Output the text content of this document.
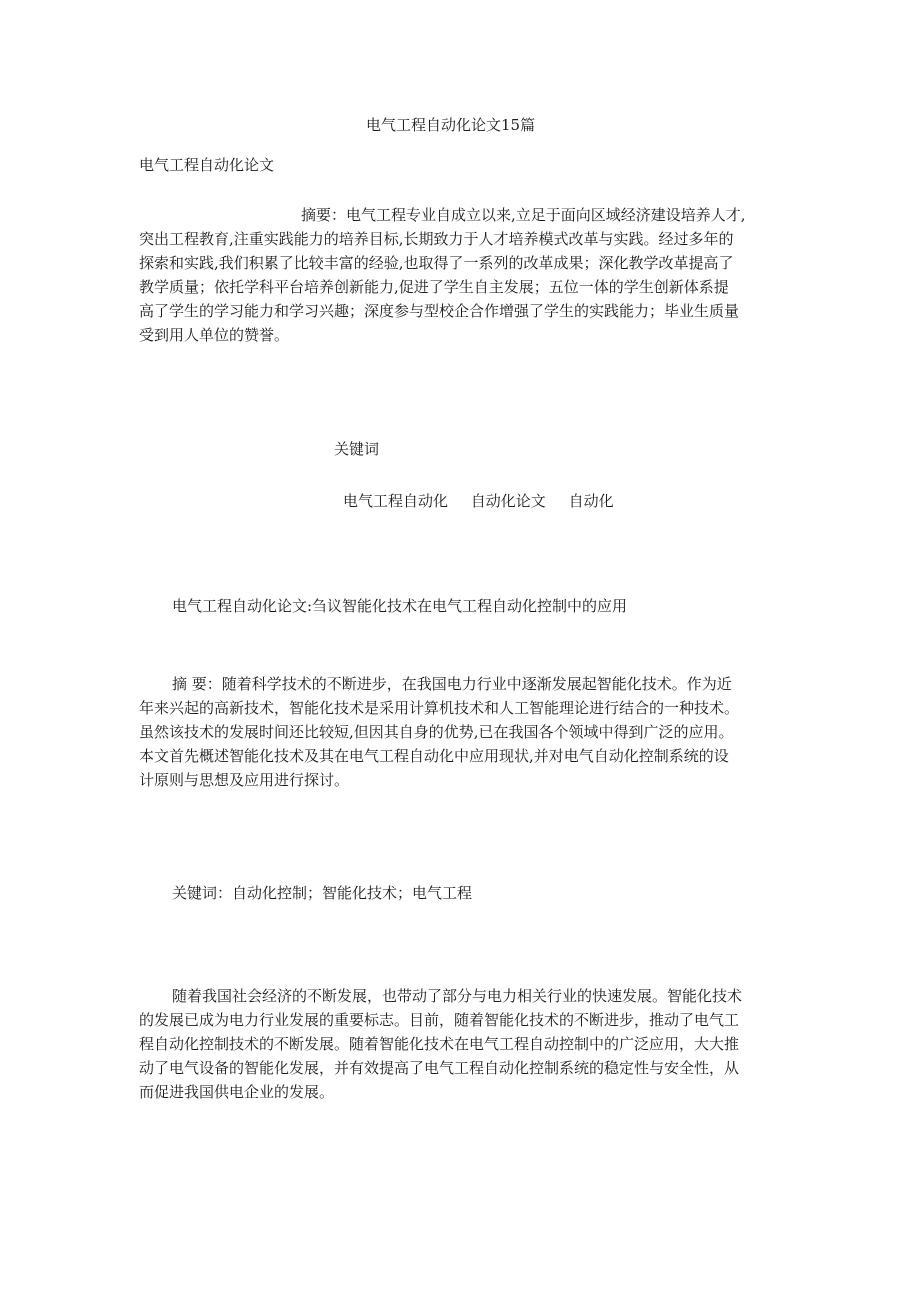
电气工程自动化论文15篇
电气工程自动化论文
摘要：电气工程专业自成立以来,立足于面向区域经济建设培养人才,
突出工程教育,注重实践能力的培养目标,长期致力于人才培养模式改革与实践。经过多年的
探索和实践,我们积累了比较丰富的经验,也取得了一系列的改革成果；深化教学改革提高了
教学质量；依托学科平台培养创新能力,促进了学生自主发展；五位一体的学生创新体系提
高了学生的学习能力和学习兴趣；深度参与型校企合作增强了学生的实践能力；毕业生质量
受到用人单位的赞誉。
关键词
电气工程自动化 自动化论文 自动化
电气工程自动化论文:刍议智能化技术在电气工程自动化控制中的应用
摘 要：随着科学技术的不断进步，在我国电力行业中逐渐发展起智能化技术。作为近
年来兴起的高新技术，智能化技术是采用计算机技术和人工智能理论进行结合的一种技术。
虽然该技术的发展时间还比较短,但因其自身的优势,已在我国各个领域中得到广泛的应用。
本文首先概述智能化技术及其在电气工程自动化中应用现状,并对电气自动化控制系统的设
计原则与思想及应用进行探讨。
关键词：自动化控制；智能化技术；电气工程
随着我国社会经济的不断发展，也带动了部分与电力相关行业的快速发展。智能化技术
的发展已成为电力行业发展的重要标志。目前，随着智能化技术的不断进步，推动了电气工
程自动化控制技术的不断发展。随着智能化技术在电气工程自动控制中的广泛应用，大大推
动了电气设备的智能化发展，并有效提高了电气工程自动化控制系统的稳定性与安全性，从
而促进我国供电企业的发展。
